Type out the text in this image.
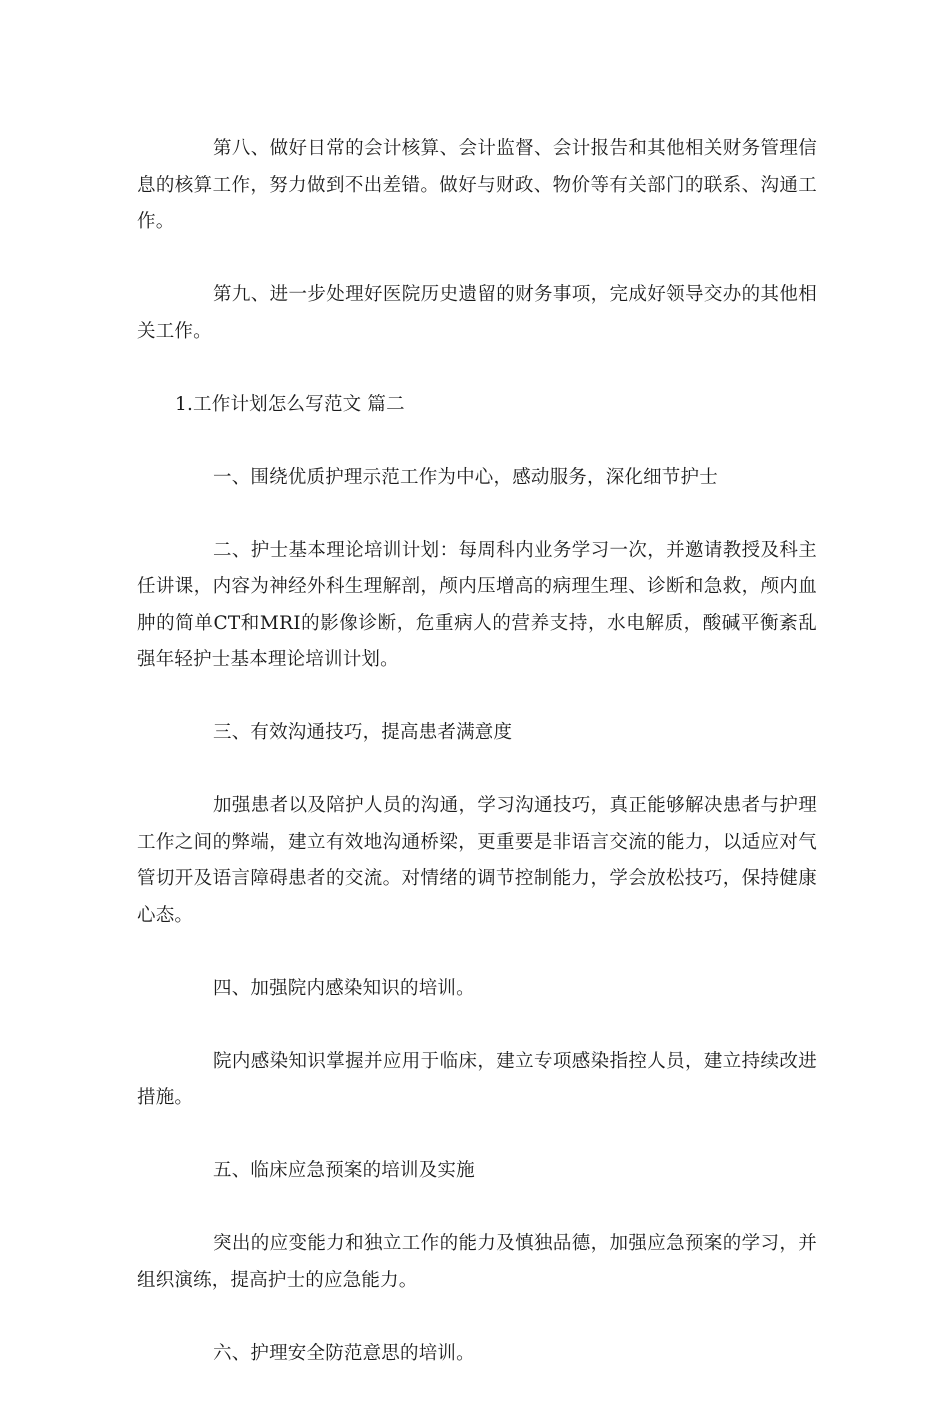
第八、做好日常的会计核算、会计监督、会计报告和其他相关财务管理信息的核算工作，努力做到不出差错。做好与财政、物价等有关部门的联系、沟通工作。

第九、进一步处理好医院历史遗留的财务事项，完成好领导交办的其他相关工作。

1.工作计划怎么写范文 篇二

一、围绕优质护理示范工作为中心，感动服务，深化细节护士

二、护士基本理论培训计划：每周科内业务学习一次，并邀请教授及科主任讲课，内容为神经外科生理解剖，颅内压增高的病理生理、诊断和急救，颅内血肿的简单CT和MRI的影像诊断，危重病人的营养支持，水电解质，酸碱平衡紊乱强年轻护士基本理论培训计划。

三、有效沟通技巧，提高患者满意度

加强患者以及陪护人员的沟通，学习沟通技巧，真正能够解决患者与护理工作之间的弊端，建立有效地沟通桥梁，更重要是非语言交流的能力，以适应对气管切开及语言障碍患者的交流。对情绪的调节控制能力，学会放松技巧，保持健康心态。

四、加强院内感染知识的培训。

院内感染知识掌握并应用于临床，建立专项感染指控人员，建立持续改进措施。

五、临床应急预案的培训及实施

突出的应变能力和独立工作的能力及慎独品德，加强应急预案的学习，并组织演练，提高护士的应急能力。

六、护理安全防范意思的培训。
